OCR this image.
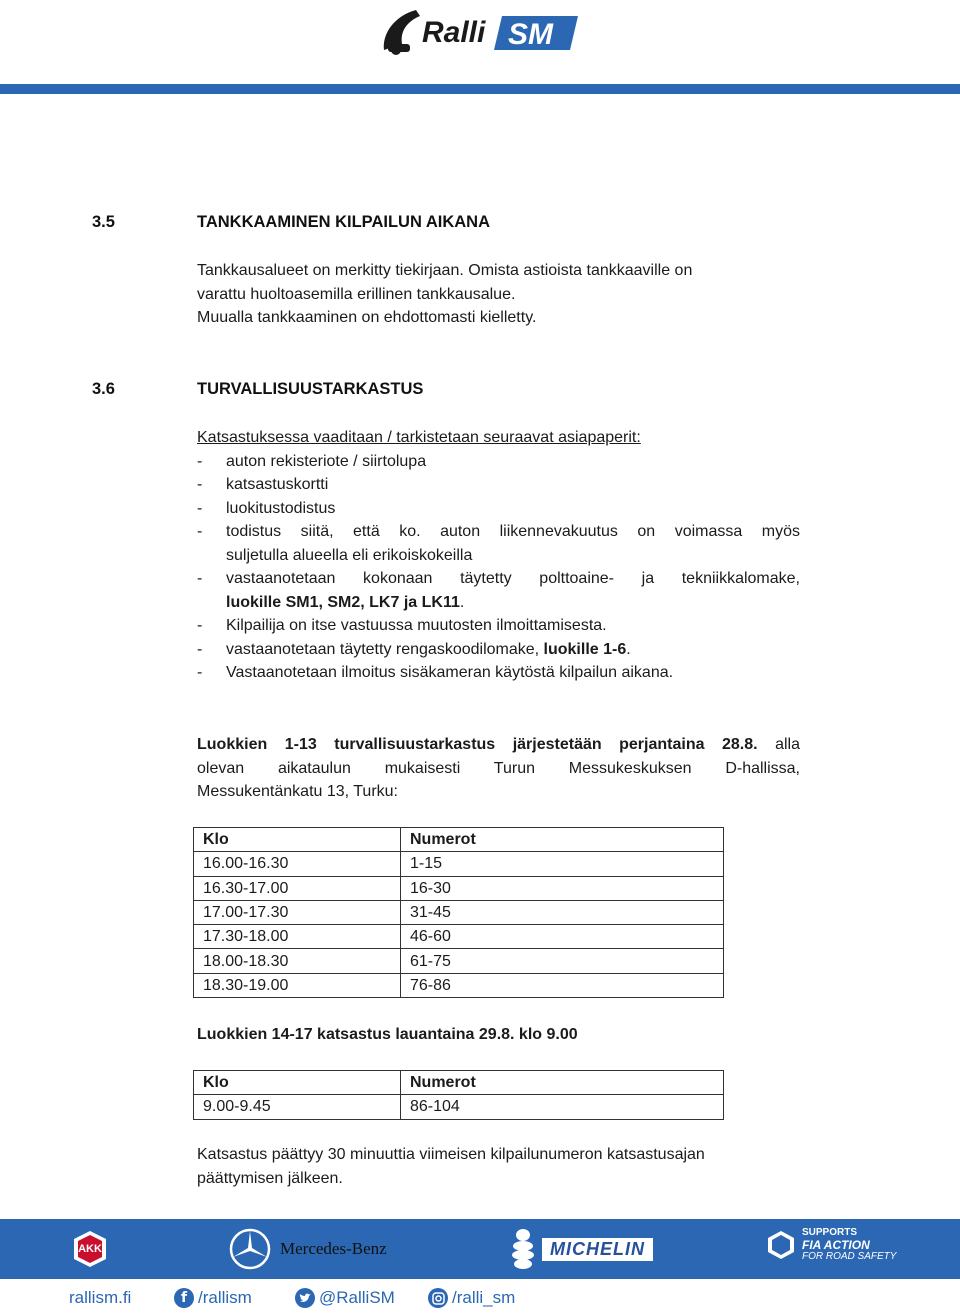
Ralli SM
3.5	TANKKAAMINEN KILPAILUN AIKANA
Tankkausalueet on merkitty tiekirjaan. Omista astioista tankkaaville on
varattu huoltoasemilla erillinen tankkausalue.
Muualla tankkaaminen on ehdottomasti kielletty.
3.6	TURVALLISUUSTARKASTUS
Katsastuksessa vaaditaan / tarkistetaan seuraavat asiapaperit:
- auton rekisteriote / siirtolupa
- katsastuskortti
- luokitustodistus
- todistus siitä, että ko. auton liikennevakuutus on voimassa myös
suljetulla alueella eli erikoiskokeilla
- vastaanotetaan kokonaan täytetty polttoaine- ja tekniikkalomake,
luokille SM1, SM2, LK7 ja LK11.
- Kilpailija on itse vastuussa muutosten ilmoittamisesta.
- vastaanotetaan täytetty rengaskoodilomake, luokille 1-6.
- Vastaanotetaan ilmoitus sisäkameran käytöstä kilpailun aikana.
Luokkien 1-13 turvallisuustarkastus järjestetään perjantaina 28.8. alla
olevan aikataulun mukaisesti Turun Messukeskuksen D-hallissa,
Messukentänkatu 13, Turku:
Klo	Numerot
16.00-16.30	1-15
16.30-17.00	16-30
17.00-17.30	31-45
17.30-18.00	46-60
18.00-18.30	61-75
18.30-19.00	76-86
Luokkien 14-17 katsastus lauantaina 29.8. klo 9.00
Klo	Numerot
9.00-9.45	86-104
Katsastus päättyy 30 minuuttia viimeisen kilpailunumeron katsastusajan
päättymisen jälkeen.
AKK	Mercedes-Benz	MICHELIN
SUPPORTS
FIA ACTION
FOR ROAD SAFETY
rallism.fi	f /rallism	@RalliSM	/ralli_sm
